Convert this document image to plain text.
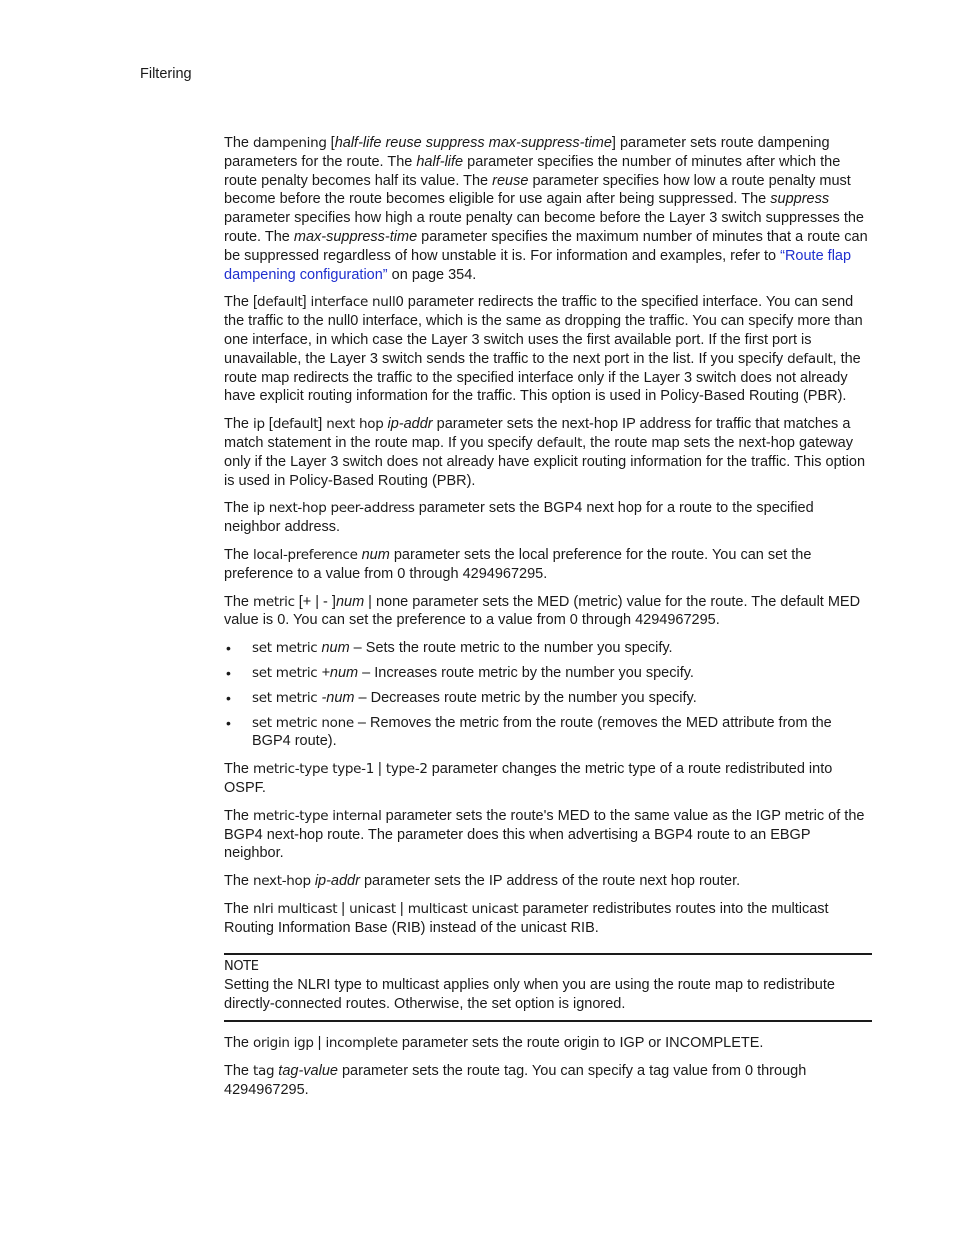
Filtering

The dampening [half-life reuse suppress max-suppress-time] parameter sets route dampening parameters for the route. The half-life parameter specifies the number of minutes after which the route penalty becomes half its value. The reuse parameter specifies how low a route penalty must become before the route becomes eligible for use again after being suppressed. The suppress parameter specifies how high a route penalty can become before the Layer 3 switch suppresses the route. The max-suppress-time parameter specifies the maximum number of minutes that a route can be suppressed regardless of how unstable it is. For information and examples, refer to “Route flap dampening configuration” on page 354.

The [default] interface null0 parameter redirects the traffic to the specified interface. You can send the traffic to the null0 interface, which is the same as dropping the traffic. You can specify more than one interface, in which case the Layer 3 switch uses the first available port. If the first port is unavailable, the Layer 3 switch sends the traffic to the next port in the list. If you specify default, the route map redirects the traffic to the specified interface only if the Layer 3 switch does not already have explicit routing information for the traffic. This option is used in Policy-Based Routing (PBR).

The ip [default] next hop ip-addr parameter sets the next-hop IP address for traffic that matches a match statement in the route map. If you specify default, the route map sets the next-hop gateway only if the Layer 3 switch does not already have explicit routing information for the traffic. This option is used in Policy-Based Routing (PBR).

The ip next-hop peer-address parameter sets the BGP4 next hop for a route to the specified neighbor address.

The local-preference num parameter sets the local preference for the route. You can set the preference to a value from 0 through 4294967295.

The metric [+ | - ]num | none parameter sets the MED (metric) value for the route. The default MED value is 0. You can set the preference to a value from 0 through 4294967295.

• set metric num – Sets the route metric to the number you specify.
• set metric +num – Increases route metric by the number you specify.
• set metric -num – Decreases route metric by the number you specify.
• set metric none – Removes the metric from the route (removes the MED attribute from the BGP4 route).

The metric-type type-1 | type-2 parameter changes the metric type of a route redistributed into OSPF.

The metric-type internal parameter sets the route's MED to the same value as the IGP metric of the BGP4 next-hop route. The parameter does this when advertising a BGP4 route to an EBGP neighbor.

The next-hop ip-addr parameter sets the IP address of the route next hop router.

The nlri multicast | unicast | multicast unicast parameter redistributes routes into the multicast Routing Information Base (RIB) instead of the unicast RIB.

NOTE
Setting the NLRI type to multicast applies only when you are using the route map to redistribute directly-connected routes. Otherwise, the set option is ignored.

The origin igp | incomplete parameter sets the route origin to IGP or INCOMPLETE.

The tag tag-value parameter sets the route tag. You can specify a tag value from 0 through 4294967295.
